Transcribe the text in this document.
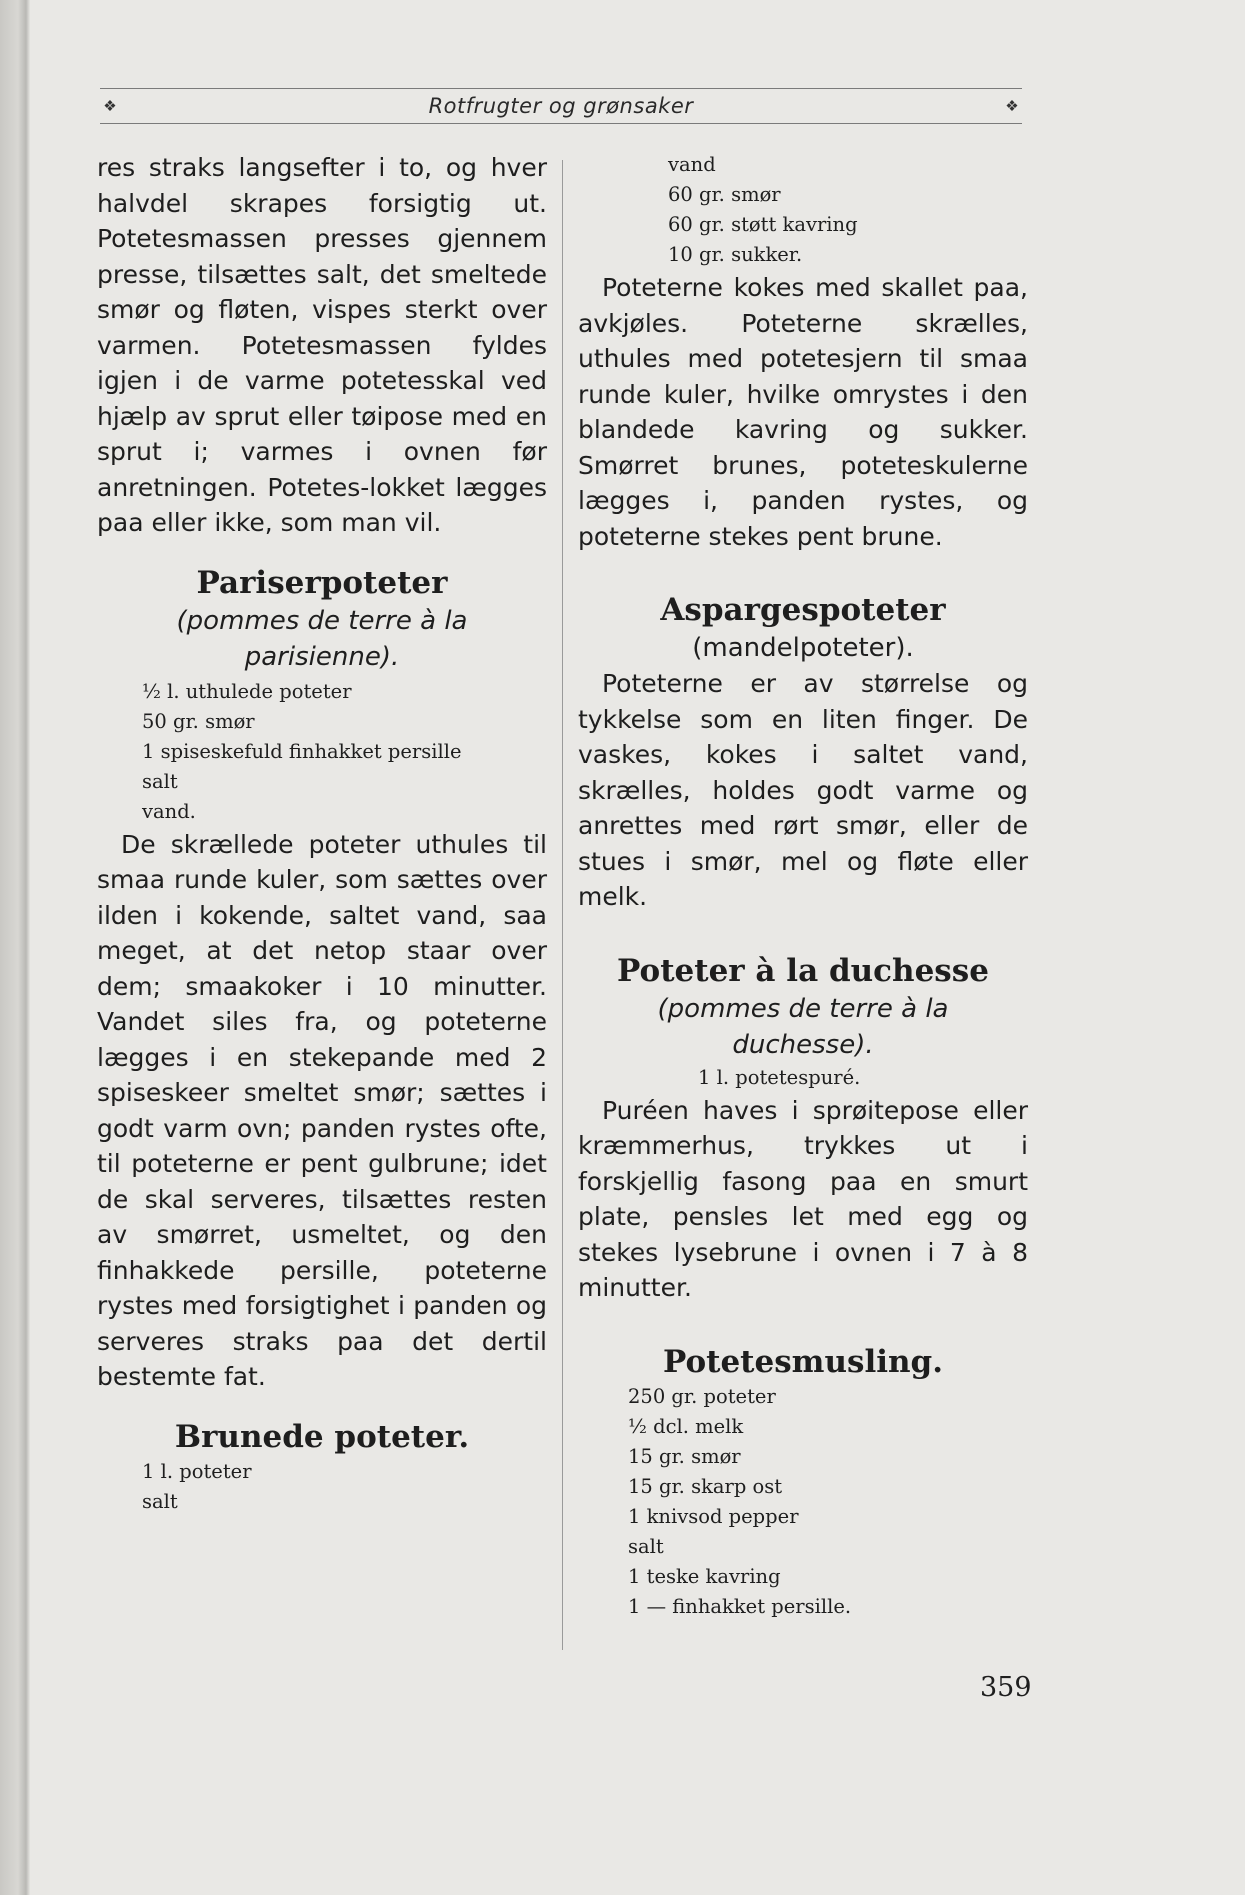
❖	Rotfrugter og grønsaker	❖

res straks langsefter i to, og hver halvdel skrapes forsigtig ut. Potetesmassen presses gjennem presse, tilsættes salt, det smeltede smør og fløten, vispes sterkt over varmen. Potetesmassen fyldes igjen i de varme potetesskal ved hjælp av sprut eller tøipose med en sprut i; varmes i ovnen før anretningen. Potetes-lokket lægges paa eller ikke, som man vil.

Pariserpoteter

(pommes de terre à la parisienne).

½ l. uthulede poteter
50 gr. smør
1 spiseskefuld finhakket persille
salt
vand.

De skrællede poteter uthules til smaa runde kuler, som sættes over ilden i kokende, saltet vand, saa meget, at det netop staar over dem; smaakoker i 10 minutter. Vandet siles fra, og poteterne lægges i en stekepande med 2 spiseskeer smeltet smør; sættes i godt varm ovn; panden rystes ofte, til poteterne er pent gulbrune; idet de skal serveres, tilsættes resten av smørret, usmeltet, og den finhakkede persille, poteterne rystes med forsigtighet i panden og serveres straks paa det dertil bestemte fat.

Brunede poteter.
1 l. poteter
salt
vand
60 gr. smør
60 gr. støtt kavring
10 gr. sukker.

Poteterne kokes med skallet paa, avkjøles. Poteterne skrælles, uthules med potetesjern til smaa runde kuler, hvilke omrystes i den blandede kavring og sukker. Smørret brunes, poteteskulerne lægges i, panden rystes, og poteterne stekes pent brune.

Aspargespoteter

(mandelpoteter).

Poteterne er av størrelse og tykkelse som en liten finger. De vaskes, kokes i saltet vand, skrælles, holdes godt varme og anrettes med rørt smør, eller de stues i smør, mel og fløte eller melk.

Poteter à la duchesse

(pommes de terre à la duchesse).

1 l. potetespuré.

Puréen haves i sprøitepose eller kræmmerhus, trykkes ut i forskjellig fasong paa en smurt plate, pensles let med egg og stekes lysebrune i ovnen i 7 à 8 minutter.

Potetesmusling.
250 gr. poteter
½ dcl. melk
15 gr. smør
15 gr. skarp ost
1 knivsod pepper
salt
1 teske kavring
1 — finhakket persille.
359
